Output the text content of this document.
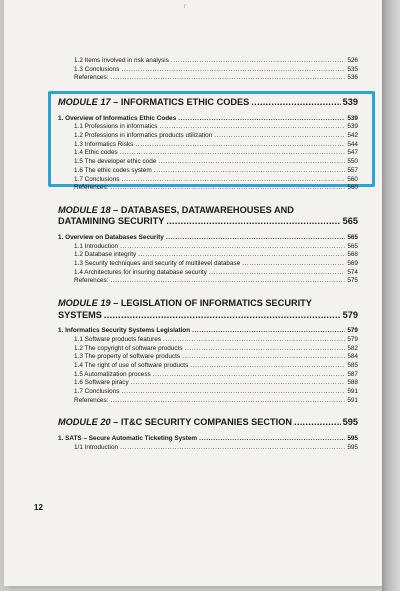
r
1.2 Items involved in risk analysis .....	526
1.3 Conclusions .....	535
References: .....	536
MODULE 17
– INFORMATICS ETHIC CODES .....	539
1. Overview of Informatics Ethic Codes .....	539
1.1 Professions in informatics .....	539
1.2 Professions in informatics products utilization .....	542
1.3 Informatics Risks .....	544
1.4 Ethic codes .....	547
1.5 The developer ethic code .....	550
1.6 The ethic codes system .....	557
1.7 Conclusions .....	560
References: .....	560
MODULE 18 – DATABASES, DATAWAREHOUSES AND
DATAMINING SECURITY .....	565
1. Overview on Databases Security .....	565
1.1 Introduction .....	565
1.2 Database integrity .....	568
1.3 Security techniques and security of multilevel database .....	569
1.4 Architectures for insuring database security .....	574
References: .....	575
MODULE 19 – LEGISLATION OF INFORMATICS SECURITY
SYSTEMS .....	579
1. Informatics Security Systems Legislation .....	579
1.1 Software products features .....	579
1.2 The copyright of software products .....	582
1.3 The property of software products .....	584
1.4 The right of use of software products .....	585
1.5 Automatization process .....	587
1.6 Software piracy .....	588
1.7 Conclusions .....	591
References: .....	591
MODULE 20
– IT&C SECURITY COMPANIES SECTION .....	595
1. SATS – Secure Automatic Ticketing System .....	595
1/1 Introduction .....	595
12
